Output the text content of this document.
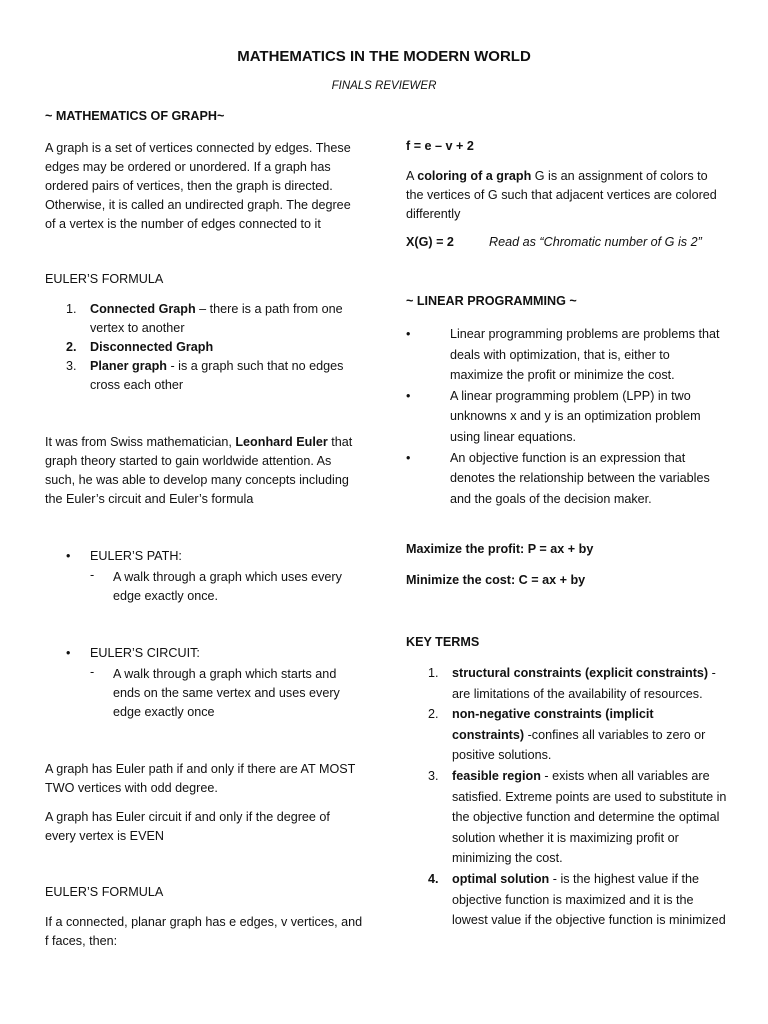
MATHEMATICS IN THE MODERN WORLD
FINALS REVIEWER
~ MATHEMATICS OF GRAPH~

A graph is a set of vertices connected by edges. These edges may be ordered or unordered. If a graph has ordered pairs of vertices, then the graph is directed. Otherwise, it is called an undirected graph. The degree of a vertex is the number of edges connected to it

EULER’S FORMULA
1.	Connected Graph – there is a path from one vertex to another
2.	Disconnected Graph
3.	Planer graph - is a graph such that no edges cross each other

It was from Swiss mathematician, Leonhard Euler that graph theory started to gain worldwide attention. As such, he was able to develop many concepts including the Euler’s circuit and Euler’s formula

• EULER’S PATH:
- A walk through a graph which uses every edge exactly once.

• EULER’S CIRCUIT:
- A walk through a graph which starts and ends on the same vertex and uses every edge exactly once

A graph has Euler path if and only if there are AT MOST TWO vertices with odd degree.

A graph has Euler circuit if and only if the degree of every vertex is EVEN

EULER’S FORMULA

If a connected, planar graph has e edges, v vertices, and f faces, then:

f = e – v + 2

A coloring of a graph G is an assignment of colors to the vertices of G such that adjacent vertices are colored differently

X(G) = 2	Read as “Chromatic number of G is 2”
~ LINEAR PROGRAMMING ~
•	Linear programming problems are problems that deals with optimization, that is, either to maximize the profit or minimize the cost.
•	A linear programming problem (LPP) in two unknowns x and y is an optimization problem using linear equations.
•	An objective function is an expression that denotes the relationship between the variables and the goals of the decision maker.
Maximize the profit: P = ax + by
Minimize the cost: C = ax + by
KEY TERMS
1.	structural constraints (explicit constraints) - are limitations of the availability of resources.
2.	non-negative constraints (implicit constraints) -confines all variables to zero or positive solutions.
3.	feasible region - exists when all variables are satisfied. Extreme points are used to substitute in the objective function and determine the optimal solution whether it is maximizing profit or minimizing the cost.
4.	optimal solution - is the highest value if the objective function is maximized and it is the lowest value if the objective function is minimized
